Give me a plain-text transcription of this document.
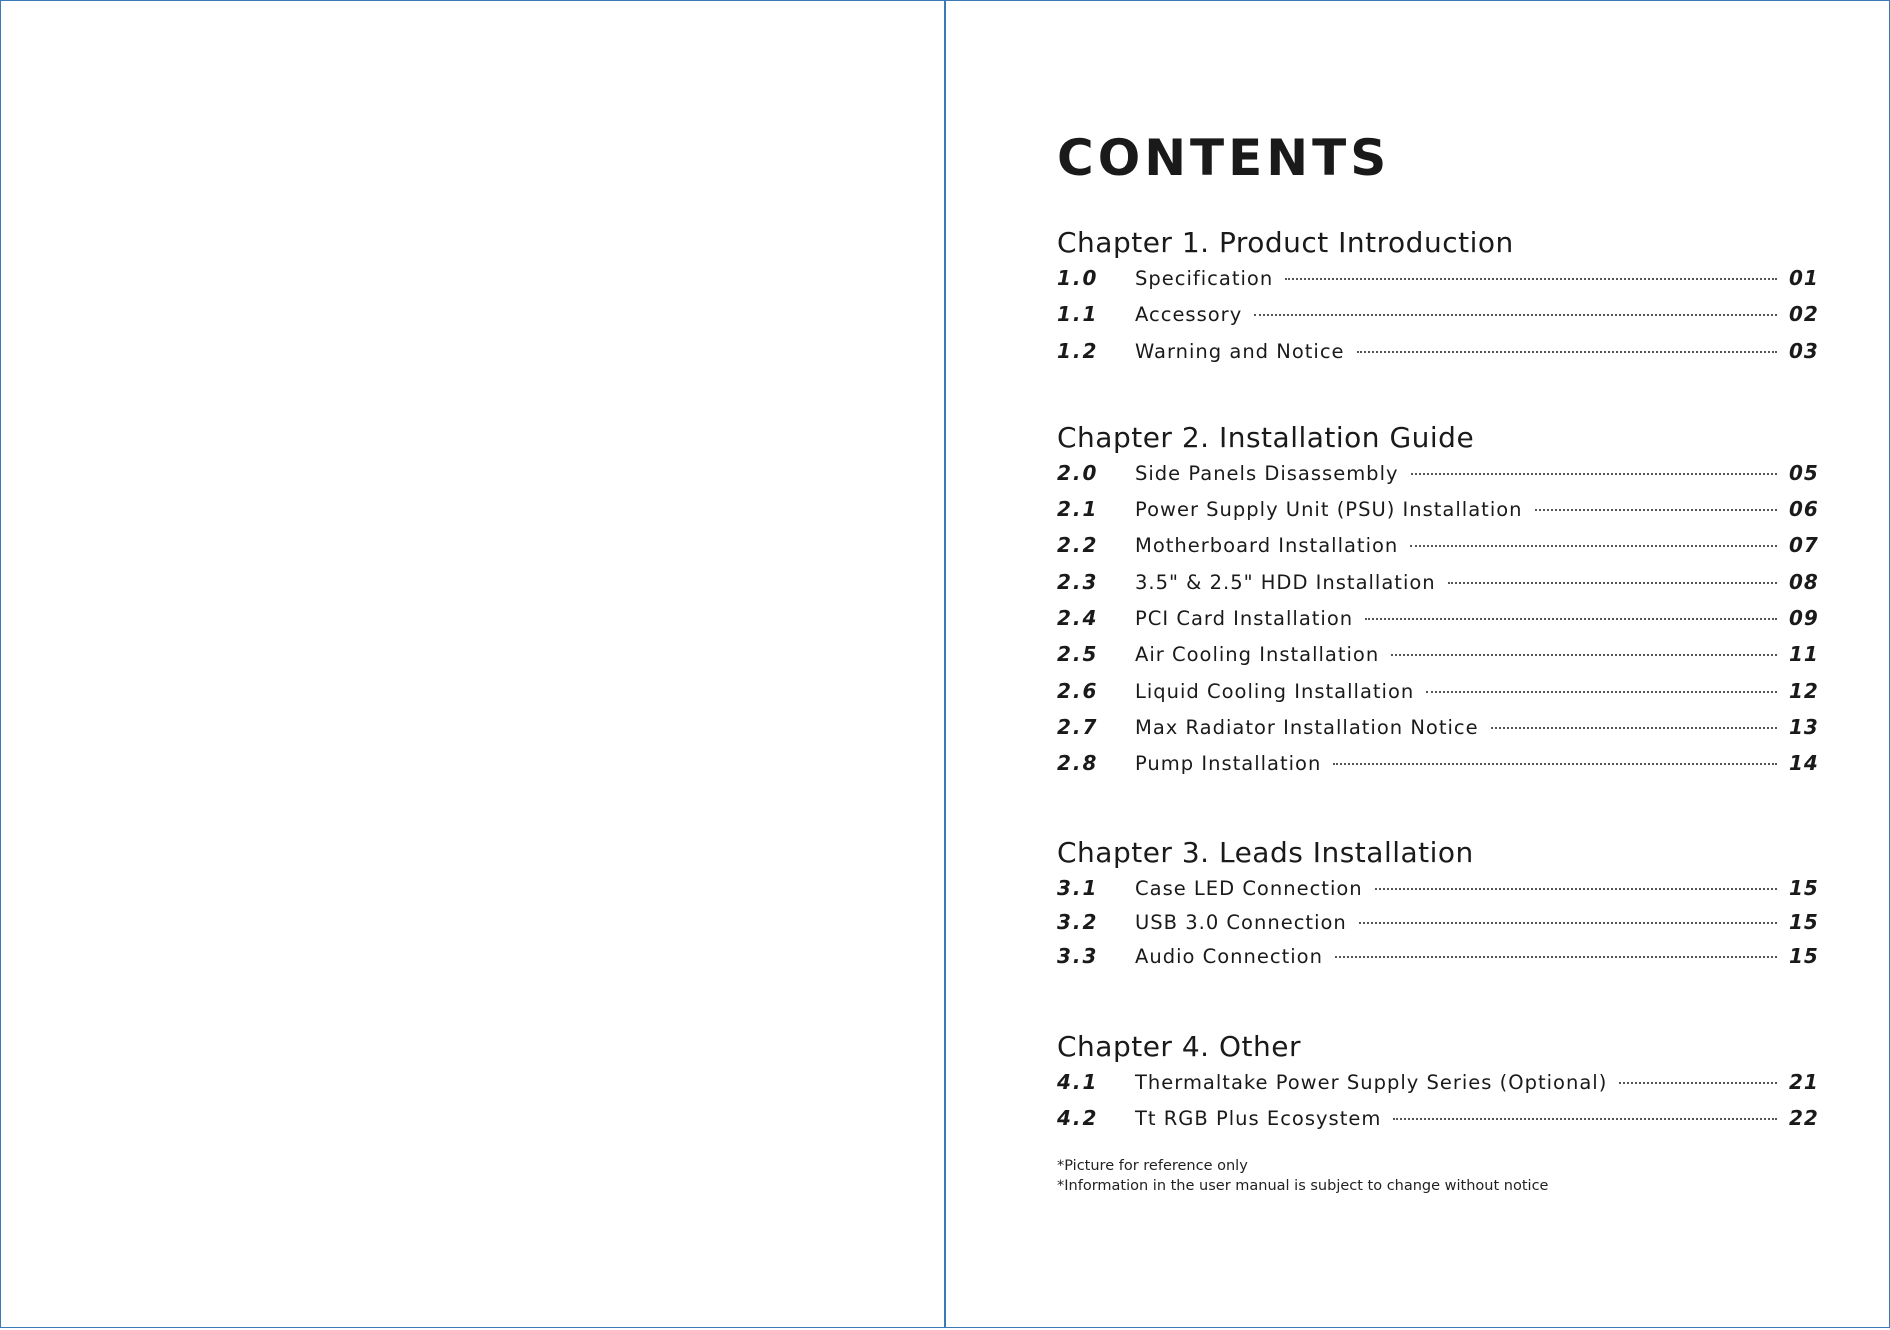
CONTENTS
Chapter 1. Product Introduction
1.0	Specification	01
1.1	Accessory	02
1.2	Warning and Notice	03
Chapter 2. Installation Guide
2.0	Side Panels Disassembly	05
2.1	Power Supply Unit (PSU) Installation	06
2.2	Motherboard Installation	07
2.3	3.5" & 2.5" HDD Installation	08
2.4	PCI Card Installation	09
2.5	Air Cooling Installation	11
2.6	Liquid Cooling Installation	12
2.7	Max Radiator Installation Notice	13
2.8	Pump Installation	14
Chapter 3. Leads Installation
3.1	Case LED Connection	15
3.2	USB 3.0 Connection	15
3.3	Audio Connection	15
Chapter 4. Other
4.1	Thermaltake Power Supply Series (Optional)	21
4.2	Tt RGB Plus Ecosystem	22
*Picture for reference only
*Information in the user manual is subject to change without notice
